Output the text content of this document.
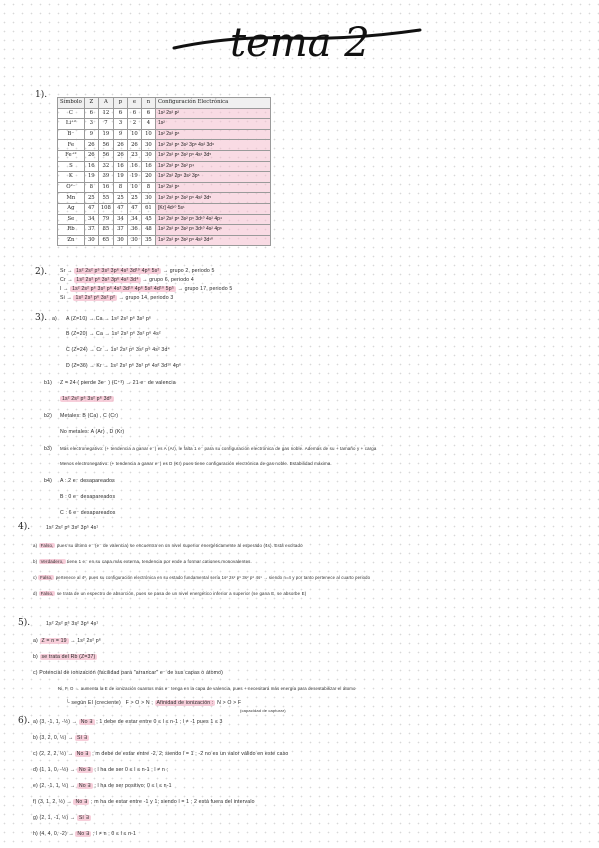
tema 2
1).
Símbolo	Z	A	p	e	n	Configuración Electrónica
C	6	12	6	6	6	1s² 2s² p²
Li⁺²	3	7	3	2	4	1s²
B⁻	9	19	9	10	10	1s² 2s² p⁶
Fe	26	56	26	26	30	1s² 2s² p⁶ 3s² 3p⁶ 4s² 3d⁶
Fe⁺²	26	56	26	23	30	1s² 2s² p⁶ 3s² p⁶ 4s¹ 3d⁵
S	16	32	16	16	16	1s² 2s² p⁶ 3s² p⁴
K	19	39	19	19	20	1s² 2s² 2p⁶ 3s² 3p⁶
O²⁻	8	16	8	10	8	1s² 2s² p⁶
Mn	25	55	25	25	30	1s² 2s² p⁶ 3s² p⁶ 4s² 3d⁵
Ag	47	108	47	47	61	[Kr] 4d¹⁰ 5s¹
Se	34	79	34	34	45	1s² 2s² p⁶ 3s² p⁶ 3d¹⁰ 4s² 4p⁴
Rb	37	85	37	36	48	1s² 2s² p⁶ 3s² p⁶ 3d¹⁰ 4s² 4p⁶
Zn	30	65	30	30	35	1s² 2s² p⁶ 3s² p⁶ 4s² 3d¹⁰
2). Sr → 1s² 2s² p⁶ 3s² 3p⁶ 4s² 3d¹⁰ 4p⁶ 5s² → grupo 2, periodo 5
Cr → 1s² 2s² p⁶ 3s² 3p⁶ 4s² 3d⁴ → grupo 6, periodo 4
I → 1s² 2s² p⁶ 3s² p⁶ 4s² 3d¹⁰ 4p⁶ 5s² 4d¹⁰ 5p⁵ → grupo 17, periodo 5
Si → 1s² 2s² p⁶ 3s² p² → grupo 14, periodo 3
3). a) A (Z=10) → Ca → 1s² 2s² p⁶ 3s² p⁶
B (Z=20) → Ca → 1s² 2s² p⁶ 3s² p⁶ 4s²
C (Z=24) → Cr → 1s² 2s² p⁶ 3s² p⁶ 4s² 3d⁴
D (Z=36) → Kr → 1s² 2s² p⁶ 3s² p⁶ 4s² 3d¹⁰ 4p⁶
b1) Z = 24 ( pierde 3e⁻ ) (C⁺³) → 21 e⁻ de valencia
1s² 2s² p⁶ 3s² p⁶ 3d³
b2) Metales: B (Ca) , C (Cr)
No metales: A (Ar) , D (Kr)
b3) Más electronegativo: (+ tendencia a ganar e⁻) es A (Ar), le falta 1 e⁻ para su configuración electrónica de gas noble. Además de su + tamaño y + carga
Menos electronegativo: (+ tendencia a ganar e⁻) es D (Kr) pues tiene configuración electrónica de gas noble. Estabilidad máxima.
b4) A : 2 e⁻ desapareados
B : 0 e⁻ desapareados
C : 6 e⁻ desapareados
4).	1s² 2s² p⁶ 3s² 3p⁵ 4s¹
a) Falso, pues su último e⁻ (e⁻ de valencia) se encuentra en un nivel superior energéticamente al esperado (4s). Está excitado
b) Verdadero, tiene 1 e⁻ en su capa más externa, tendencia por ende a formar cationes monovalentes.
c) Falso, pertenece al 4º, pues su configuración electrónica en su estado fundamental sería 1s² 2s² p⁶ 3s² p⁶ 4s¹ → siendo n=4 y por tanto pertenece al cuarto periodo
d) Falso, se trata de un espectro de absorción, pues se pasa de un nivel energético inferior a superior (se gana E, se absorbe E)
5).	1s² 2s² p⁶ 3s² 3p⁶ 4s¹
a) Z = n = 19 → 1s² 2s² p⁶
b) se trata del Rb (Z=37)
c) Potencial de ionización (facilidad para "arrancar" e⁻ de sus capas o átomo)
Ni, F, O → aumenta la E de ionización cuantos más e⁻ tenga en la capa de valencia, pues + necesitará más energía para desestabilizar el átomo
└ según EI (creciente) F > O > N ; Afinidad de ionización : N > O > F
(capacidad de capturar)
6). a) (3, -1, 1, -½) → No ∃ ; 1 debe de estar entre 0 ≤ l ≤ n-1 ; l ≠ -1 pues 1 ≤ 3
b) (3, 2, 0, ½) → Sí ∃
c) (2, 2, 2, ½) → No ∃ ; m debe de estar entre -2, 2; siendo l = 1 ; -2 no es un valor válido en este caso
d) (1, 1, 0, -½) → No ∃ ; l ha de ser 0 ≤ l ≤ n-1 ; l ≠ n ;
e) (2, -1, 1, ½) → No ∃ ; l ha de ser positivo; 0 ≤ l ≤ n-1
f) (3, 1, 2, ½) → No ∃ ; m ha de estar entre -1 y 1; siendo l = 1 ; 2 está fuera del intervalo
g) (2, 1, -1, ½) → Sí ∃
h) (4, 4, 0, -2) → No ∃ ; l ≠ n ; 0 ≤ l ≤ n-1
